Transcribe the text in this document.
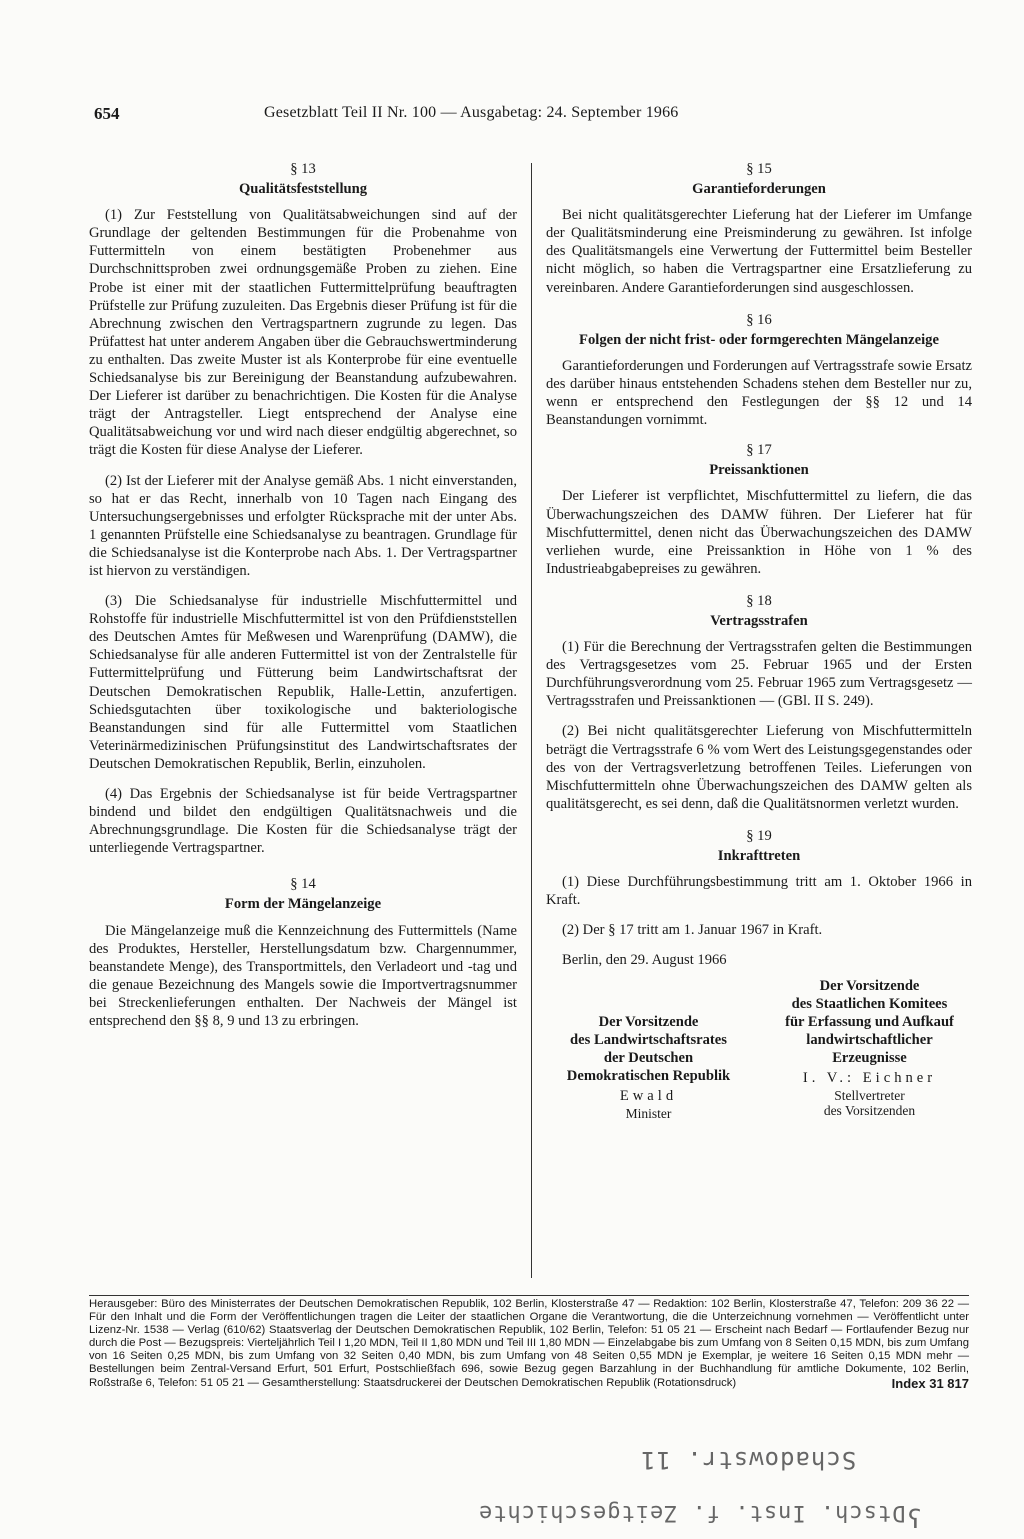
654	Gesetzblatt Teil II Nr. 100 — Ausgabetag: 24. September 1966
§ 13
Qualitätsfeststellung

(1) Zur Feststellung von Qualitätsabweichungen sind auf der Grundlage der geltenden Bestimmungen für die Probenahme von Futtermitteln von einem bestätigten Probenehmer aus Durchschnittsproben zwei ordnungsgemäße Proben zu ziehen. Eine Probe ist einer mit der staatlichen Futtermittelprüfung beauftragten Prüfstelle zur Prüfung zuzuleiten. Das Ergebnis dieser Prüfung ist für die Abrechnung zwischen den Vertragspartnern zugrunde zu legen. Das Prüfattest hat unter anderem Angaben über die Gebrauchswertminderung zu enthalten. Das zweite Muster ist als Konterprobe für eine eventuelle Schiedsanalyse bis zur Bereinigung der Beanstandung aufzubewahren. Der Lieferer ist darüber zu benachrichtigen. Die Kosten für die Analyse trägt der Antragsteller. Liegt entsprechend der Analyse eine Qualitätsabweichung vor und wird nach dieser endgültig abgerechnet, so trägt die Kosten für diese Analyse der Lieferer.

(2) Ist der Lieferer mit der Analyse gemäß Abs. 1 nicht einverstanden, so hat er das Recht, innerhalb von 10 Tagen nach Eingang des Untersuchungsergebnisses und erfolgter Rücksprache mit der unter Abs. 1 genannten Prüfstelle eine Schiedsanalyse zu beantragen. Grundlage für die Schiedsanalyse ist die Konterprobe nach Abs. 1. Der Vertragspartner ist hiervon zu verständigen.

(3) Die Schiedsanalyse für industrielle Mischfuttermittel und Rohstoffe für industrielle Mischfuttermittel ist von den Prüfdienststellen des Deutschen Amtes für Meßwesen und Warenprüfung (DAMW), die Schiedsanalyse für alle anderen Futtermittel ist von der Zentralstelle für Futtermittelprüfung und Fütterung beim Landwirtschaftsrat der Deutschen Demokratischen Republik, Halle-Lettin, anzufertigen. Schiedsgutachten über toxikologische und bakteriologische Beanstandungen sind für alle Futtermittel vom Staatlichen Veterinärmedizinischen Prüfungsinstitut des Landwirtschaftsrates der Deutschen Demokratischen Republik, Berlin, einzuholen.

(4) Das Ergebnis der Schiedsanalyse ist für beide Vertragspartner bindend und bildet den endgültigen Qualitätsnachweis und die Abrechnungsgrundlage. Die Kosten für die Schiedsanalyse trägt der unterliegende Vertragspartner.

§ 14
Form der Mängelanzeige

Die Mängelanzeige muß die Kennzeichnung des Futtermittels (Name des Produktes, Hersteller, Herstellungsdatum bzw. Chargennummer, beanstandete Menge), des Transportmittels, den Verladeort und -tag und die genaue Bezeichnung des Mangels sowie die Importvertragsnummer bei Streckenlieferungen enthalten. Der Nachweis der Mängel ist entsprechend den §§ 8, 9 und 13 zu erbringen.

§ 15
Garantieforderungen

Bei nicht qualitätsgerechter Lieferung hat der Lieferer im Umfange der Qualitätsminderung eine Preisminderung zu gewähren. Ist infolge des Qualitätsmangels eine Verwertung der Futtermittel beim Besteller nicht möglich, so haben die Vertragspartner eine Ersatzlieferung zu vereinbaren. Andere Garantieforderungen sind ausgeschlossen.

§ 16
Folgen der nicht frist- oder formgerechten Mängelanzeige

Garantieforderungen und Forderungen auf Vertragsstrafe sowie Ersatz des darüber hinaus entstehenden Schadens stehen dem Besteller nur zu, wenn er entsprechend den Festlegungen der §§ 12 und 14 Beanstandungen vornimmt.

§ 17
Preissanktionen

Der Lieferer ist verpflichtet, Mischfuttermittel zu liefern, die das Überwachungszeichen des DAMW führen. Der Lieferer hat für Mischfuttermittel, denen nicht das Überwachungszeichen des DAMW verliehen wurde, eine Preissanktion in Höhe von 1 % des Industrieabgabepreises zu gewähren.

§ 18
Vertragsstrafen

(1) Für die Berechnung der Vertragsstrafen gelten die Bestimmungen des Vertragsgesetzes vom 25. Februar 1965 und der Ersten Durchführungsverordnung vom 25. Februar 1965 zum Vertragsgesetz — Vertragsstrafen und Preissanktionen — (GBl. II S. 249).

(2) Bei nicht qualitätsgerechter Lieferung von Mischfuttermitteln beträgt die Vertragsstrafe 6 % vom Wert des Leistungsgegenstandes oder des von der Vertragsverletzung betroffenen Teiles. Lieferungen von Mischfuttermitteln ohne Überwachungszeichen des DAMW gelten als qualitätsgerecht, es sei denn, daß die Qualitätsnormen verletzt wurden.

§ 19
Inkrafttreten

(1) Diese Durchführungsbestimmung tritt am 1. Oktober 1966 in Kraft.

(2) Der § 17 tritt am 1. Januar 1967 in Kraft.

Berlin, den 29. August 1966
Der Vorsitzende
des Landwirtschaftsrates
der Deutschen
Demokratischen Republik
Ewald
Minister
Der Vorsitzende
des Staatlichen Komitees
für Erfassung und Aufkauf
landwirtschaftlicher
Erzeugnisse
I. V.: Eichner
Stellvertreter
des Vorsitzenden
Herausgeber: Büro des Ministerrates der Deutschen Demokratischen Republik, 102 Berlin, Klosterstraße 47 — Redaktion: 102 Berlin, Klosterstraße 47, Telefon: 209 36 22 — Für den Inhalt und die Form der Veröffentlichungen tragen die Leiter der staatlichen Organe die Verantwortung, die die Unterzeichnung vornehmen — Veröffentlicht unter Lizenz-Nr. 1538 — Verlag (610/62) Staatsverlag der Deutschen Demokratischen Republik, 102 Berlin, Telefon: 51 05 21 — Erscheint nach Bedarf — Fortlaufender Bezug nur durch die Post — Bezugspreis: Vierteljährlich Teil I 1,20 MDN, Teil II 1,80 MDN und Teil III 1,80 MDN — Einzelabgabe bis zum Umfang von 8 Seiten 0,15 MDN, bis zum Umfang von 16 Seiten 0,25 MDN, bis zum Umfang von 32 Seiten 0,40 MDN, bis zum Umfang von 48 Seiten 0,55 MDN je Exemplar, je weitere 16 Seiten 0,15 MDN mehr — Bestellungen beim Zentral-Versand Erfurt, 501 Erfurt, Postschließfach 696, sowie Bezug gegen Barzahlung in der Buchhandlung für amtliche Dokumente, 102 Berlin, Roßstraße 6, Telefon: 51 05 21 — Gesamtherstellung: Staatsdruckerei der Deutschen Demokratischen Republik (Rotationsdruck)	Index 31 817
Schadowstr. 11
Dtsch. Inst. f. Zeitgeschichte ʕ
